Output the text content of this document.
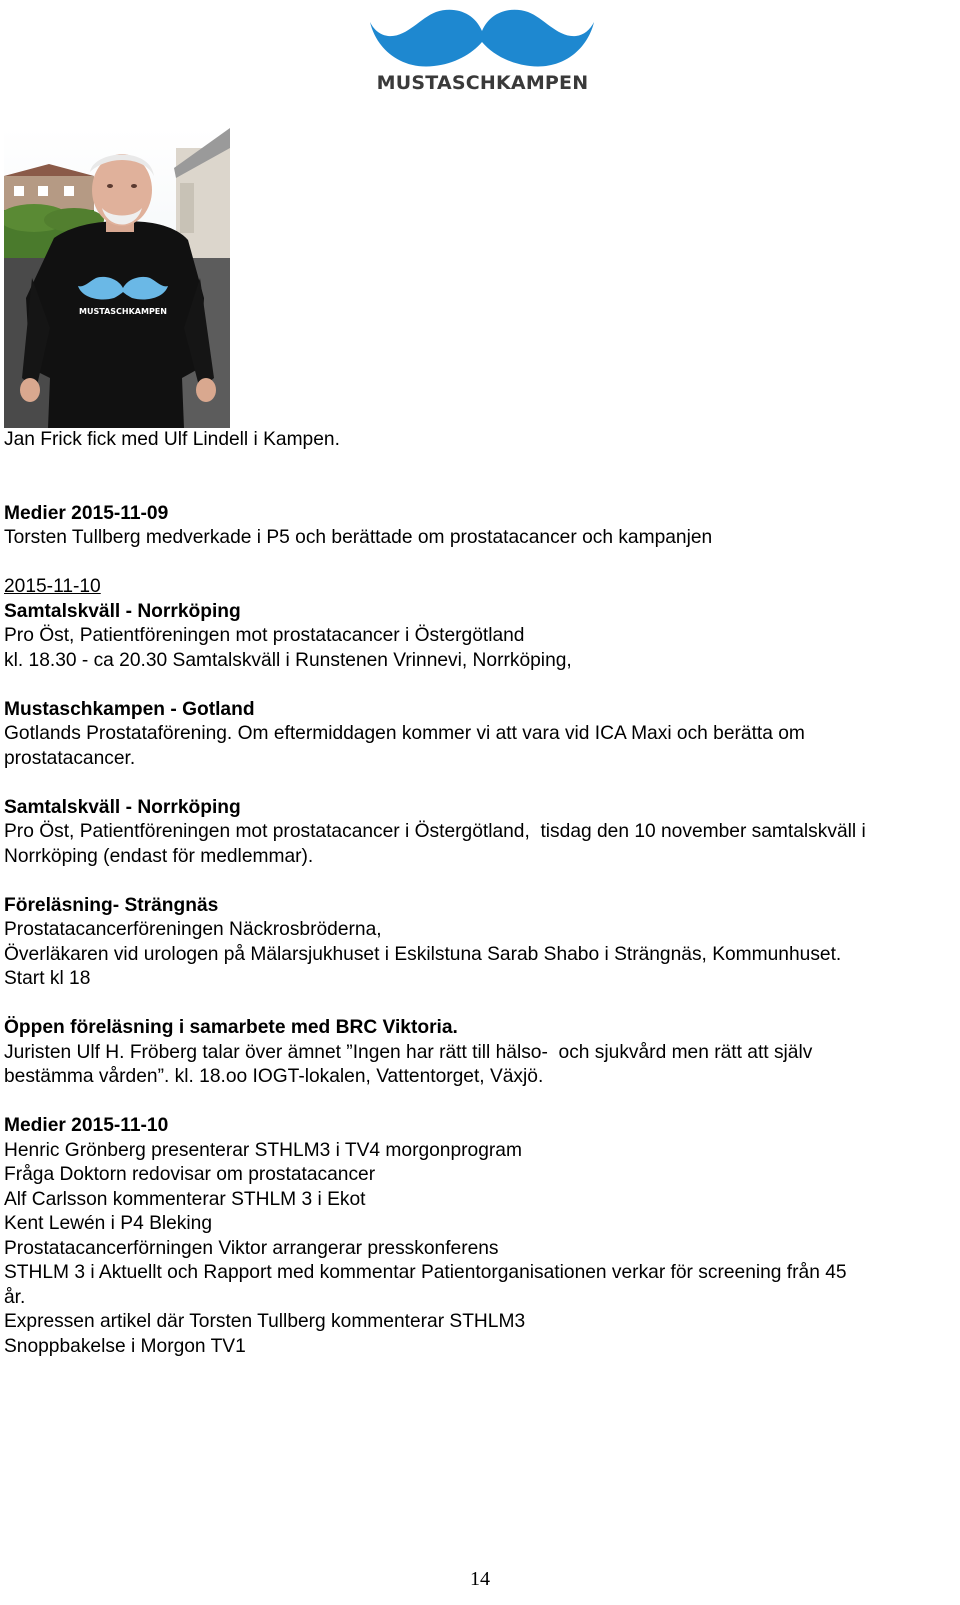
MUSTASCHKAMPEN
MUSTASCHKAMPEN
Jan Frick fick med Ulf Lindell i Kampen.
Medier 2015-11-09
Torsten Tullberg medverkade i P5 och berättade om prostatacancer och kampanjen
2015-11-10
Samtalskväll - Norrköping
Pro Öst, Patientföreningen mot prostatacancer i Östergötland
kl. 18.30 - ca 20.30 Samtalskväll i Runstenen Vrinnevi, Norrköping,
Mustaschkampen - Gotland
Gotlands Prostataförening. Om eftermiddagen kommer vi att vara vid ICA Maxi och berätta om
prostatacancer.
Samtalskväll - Norrköping
Pro Öst, Patientföreningen mot prostatacancer i Östergötland,  tisdag den 10 november samtalskväll i
Norrköping (endast för medlemmar).
Föreläsning- Strängnäs
Prostatacancerföreningen Näckrosbröderna,
Överläkaren vid urologen på Mälarsjukhuset i Eskilstuna Sarab Shabo i Strängnäs, Kommunhuset.
Start kl 18
Öppen föreläsning i samarbete med BRC Viktoria.
Juristen Ulf H. Fröberg talar över ämnet ”Ingen har rätt till hälso-  och sjukvård men rätt att själv
bestämma vården”. kl. 18.oo IOGT-lokalen, Vattentorget, Växjö.
Medier 2015-11-10
Henric Grönberg presenterar STHLM3 i TV4 morgonprogram
Fråga Doktorn redovisar om prostatacancer
Alf Carlsson kommenterar STHLM 3 i Ekot
Kent Lewén i P4 Bleking
Prostatacancerförningen Viktor arrangerar presskonferens
STHLM 3 i Aktuellt och Rapport med kommentar Patientorganisationen verkar för screening från 45
år.
Expressen artikel där Torsten Tullberg kommenterar STHLM3
Snoppbakelse i Morgon TV1
14
